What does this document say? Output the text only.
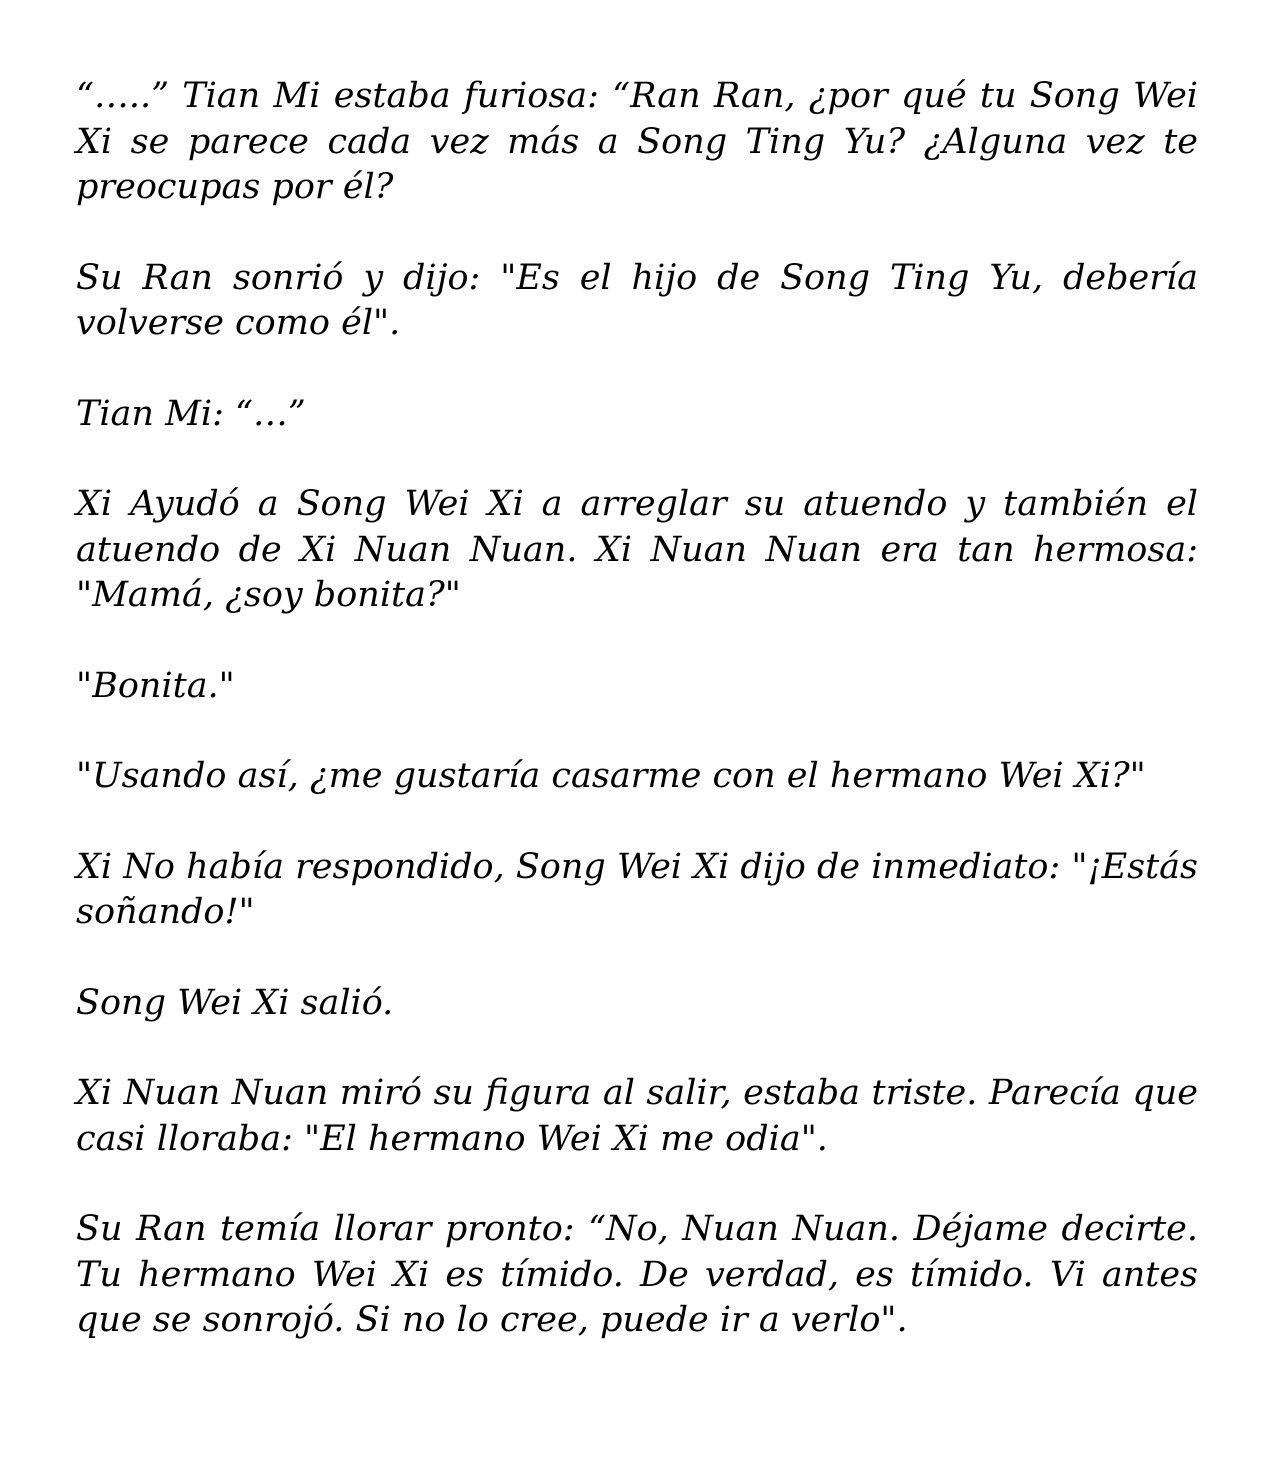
“…..” Tian Mi estaba furiosa: “Ran Ran, ¿por qué tu Song Wei Xi se parece cada vez más a Song Ting Yu? ¿Alguna vez te preocupas por él?

Su Ran sonrió y dijo: "Es el hijo de Song Ting Yu, debería volverse como él".

Tian Mi: “…”

Xi Ayudó a Song Wei Xi a arreglar su atuendo y también el atuendo de Xi Nuan Nuan. Xi Nuan Nuan era tan hermosa: "Mamá, ¿soy bonita?"

"Bonita."

"Usando así, ¿me gustaría casarme con el hermano Wei Xi?"

Xi No había respondido, Song Wei Xi dijo de inmediato: "¡Estás soñando!"

Song Wei Xi salió.

Xi Nuan Nuan miró su figura al salir, estaba triste. Parecía que casi lloraba: "El hermano Wei Xi me odia".

Su Ran temía llorar pronto: “No, Nuan Nuan. Déjame decirte. Tu hermano Wei Xi es tímido. De verdad, es tímido. Vi antes que se sonrojó. Si no lo cree, puede ir a verlo".
